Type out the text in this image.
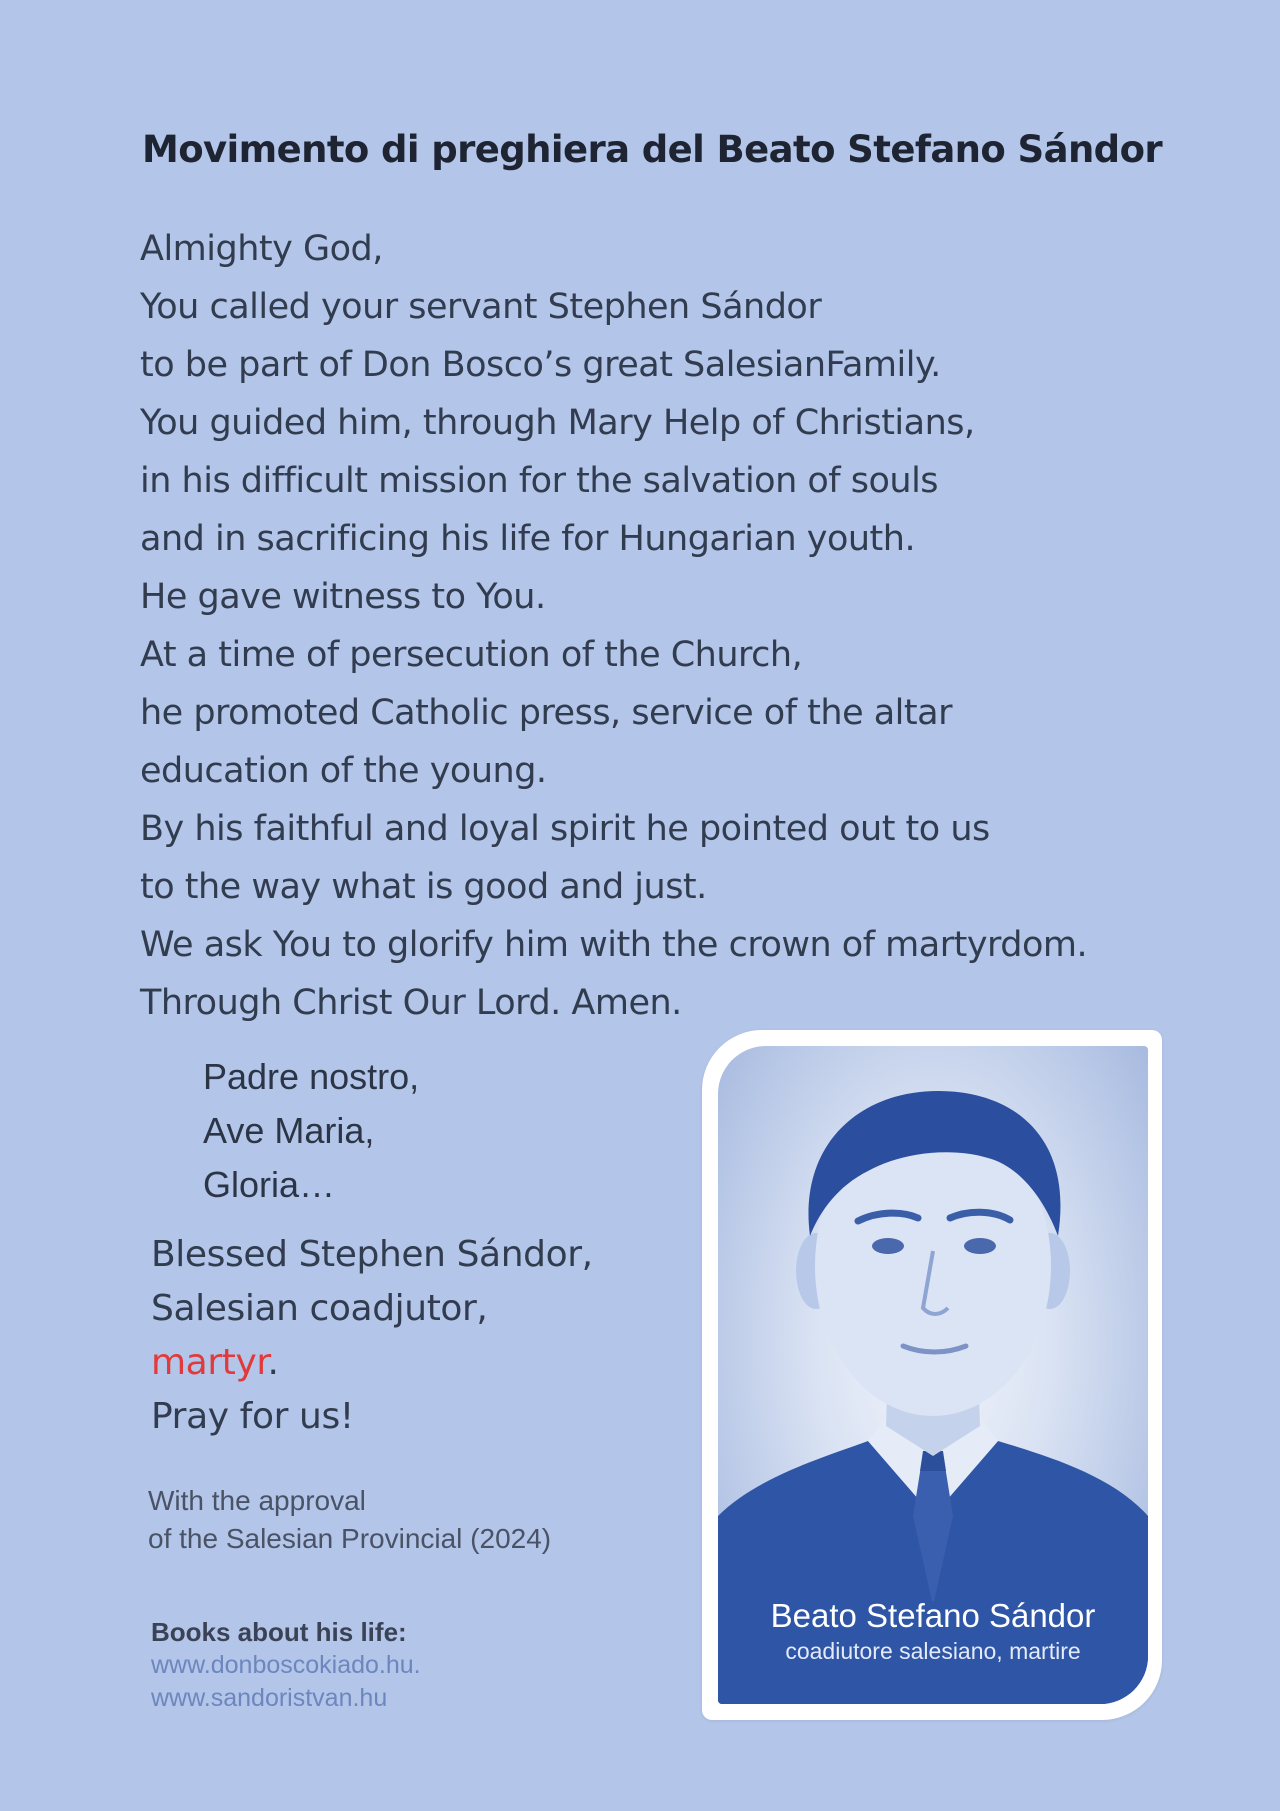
Movimento di preghiera del Beato Stefano Sándor
Almighty God,
You called your servant Stephen Sándor
to be part of Don Bosco’s great SalesianFamily.
You guided him, through Mary Help of Christians,
in his difficult mission for the salvation of souls
and in sacrificing his life for Hungarian youth.
He gave witness to You.
At a time of persecution of the Church,
he promoted Catholic press, service of the altar
education of the young.
By his faithful and loyal spirit he pointed out to us
to the way what is good and just.
We ask You to glorify him with the crown of martyrdom.
Through Christ Our Lord. Amen.
Padre nostro,
Ave Maria,
Gloria…
Blessed Stephen Sándor,
Salesian coadjutor,
martyr.
Pray for us!
With the approval
of the Salesian Provincial (2024)
Books about his life:
www.donboscokiado.hu.
www.sandoristvan.hu
Beato Stefano Sándor
coadiutore salesiano, martire
